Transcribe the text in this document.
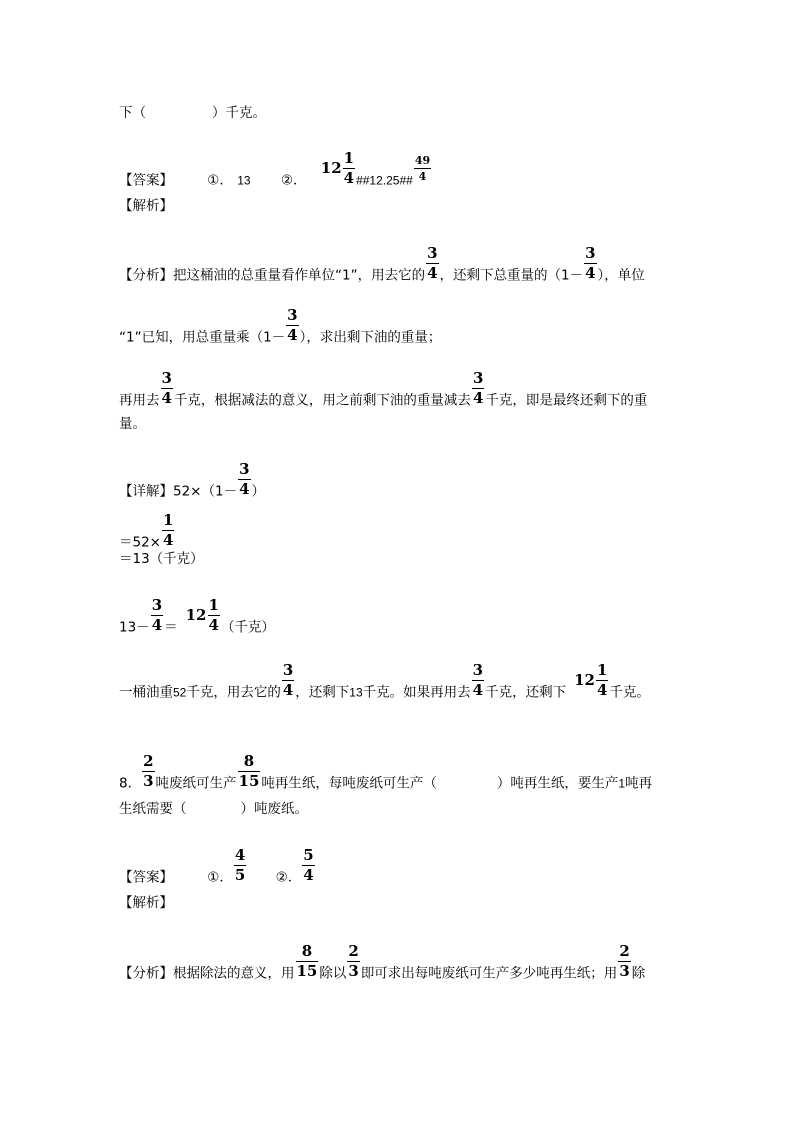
下（	）千克。
【答案】	①． 13 ②． $12 \frac{1}{4}$ ##12.25## $\frac{49}{4}$
【解析】
【分析】把这桶油的总重量看作单位“1”，用去它的 $\frac{3}{4}$ ，还剩下总重量的（$1- \frac{3}{4}$ ），单位
“1”已知，用总重量乘（$1- \frac{3}{4}$ ），求出剩下油的重量；
再用去 $\frac{3}{4}$ 千克，根据减法的意义，用之前剩下油的重量减去 $\frac{3}{4}$ 千克，即是最终还剩下的重
量。
【详解】$52\times(1- \frac{3}{4}$ ）
$=52\times \frac{1}{4}$
＝13（千克）
$13- \frac{3}{4} =12 \frac{1}{4}$ （千克）
一桶油重52千克，用去它的 $\frac{3}{4}$ ，还剩下13千克。如果再用去 $\frac{3}{4}$ 千克，还剩下$12 \frac{1}{4}$ 千克。
8． $\frac{2}{3}$ 吨废纸可生产 $\frac{8}{15}$ 吨再生纸，每吨废纸可生产（	）吨再生纸，要生产1吨再
生纸需要（	）吨废纸。
【答案】	①． $\frac{4}{5}$ ②． $\frac{5}{4}$
【解析】
【分析】根据除法的意义，用 $\frac{8}{15}$ 除以 $\frac{2}{3}$ 即可求出每吨废纸可生产多少吨再生纸；用 $\frac{2}{3}$ 除
